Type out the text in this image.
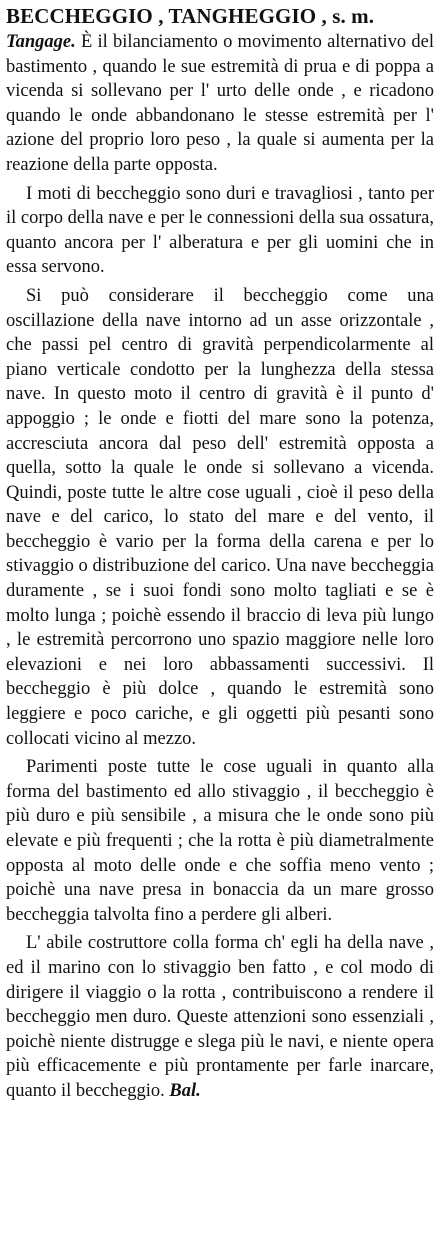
BECCHEGGIO , TANGHEGGIO , s. m.

Tangage. È il bilanciamento o movimento alternativo del bastimento , quando le sue estremità di prua e di poppa a vicenda si sollevano per l' urto delle onde , e ricadono quando le onde abbandonano le stesse estremità per l' azione del proprio loro peso , la quale si aumenta per la reazione della parte opposta.

I moti di beccheggio sono duri e travagliosi , tanto per il corpo della nave e per le connessioni della sua ossatura, quanto ancora per l' alberatura e per gli uomini che in essa servono.

Si può considerare il beccheggio come una oscillazione della nave intorno ad un asse orizzontale , che passi pel centro di gravità perpendicolarmente al piano verticale condotto per la lunghezza della stessa nave. In questo moto il centro di gravità è il punto d' appoggio ; le onde e fiotti del mare sono la potenza, accresciuta ancora dal peso dell' estremità opposta a quella, sotto la quale le onde si sollevano a vicenda. Quindi, poste tutte le altre cose uguali , cioè il peso della nave e del carico, lo stato del mare e del vento, il beccheggio è vario per la forma della carena e per lo stivaggio o distribuzione del carico. Una nave beccheggia duramente , se i suoi fondi sono molto tagliati e se è molto lunga ; poichè essendo il braccio di leva più lungo , le estremità percorrono uno spazio maggiore nelle loro elevazioni e nei loro abbassamenti successivi. Il beccheggio è più dolce , quando le estremità sono leggiere e poco cariche, e gli oggetti più pesanti sono collocati vicino al mezzo.

Parimenti poste tutte le cose uguali in quanto alla forma del bastimento ed allo stivaggio , il beccheggio è più duro e più sensibile , a misura che le onde sono più elevate e più frequenti ; che la rotta è più diametralmente opposta al moto delle onde e che soffia meno vento ; poichè una nave presa in bonaccia da un mare grosso beccheggia talvolta fino a perdere gli alberi.

L' abile costruttore colla forma ch' egli ha della nave , ed il marino con lo stivaggio ben fatto , e col modo di dirigere il viaggio o la rotta , contribuiscono a rendere il beccheggio men duro. Queste attenzioni sono essenziali , poichè niente distrugge e slega più le navi, e niente opera più efficacemente e più prontamente per farle inarcare, quanto il beccheggio. Bal.
